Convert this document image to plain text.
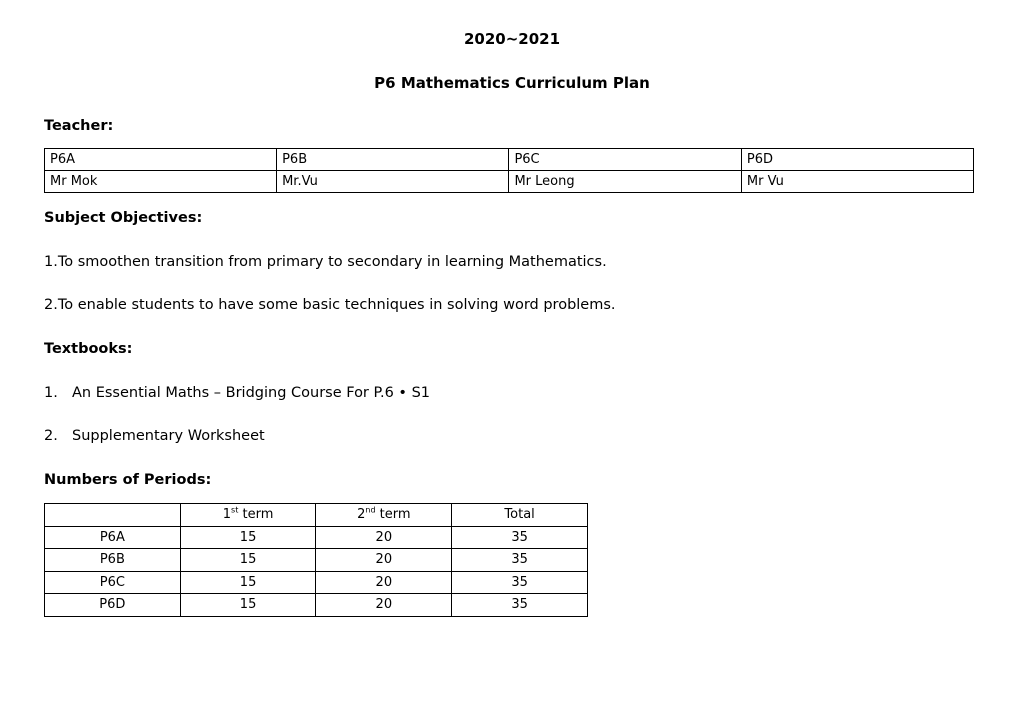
2020~2021
P6 Mathematics Curriculum Plan
Teacher:
P6A	P6B	P6C	P6D
Mr Mok	Mr.Vu	Mr Leong	Mr Vu
Subject Objectives:
1.To smoothen transition from primary to secondary in learning Mathematics.
2.To enable students to have some basic techniques in solving word problems.
Textbooks:
1. An Essential Maths – Bridging Course For P.6 • S1
2. Supplementary Worksheet
Numbers of Periods:
	1st term	2nd term	Total
P6A	15	20	35
P6B	15	20	35
P6C	15	20	35
P6D	15	20	35
